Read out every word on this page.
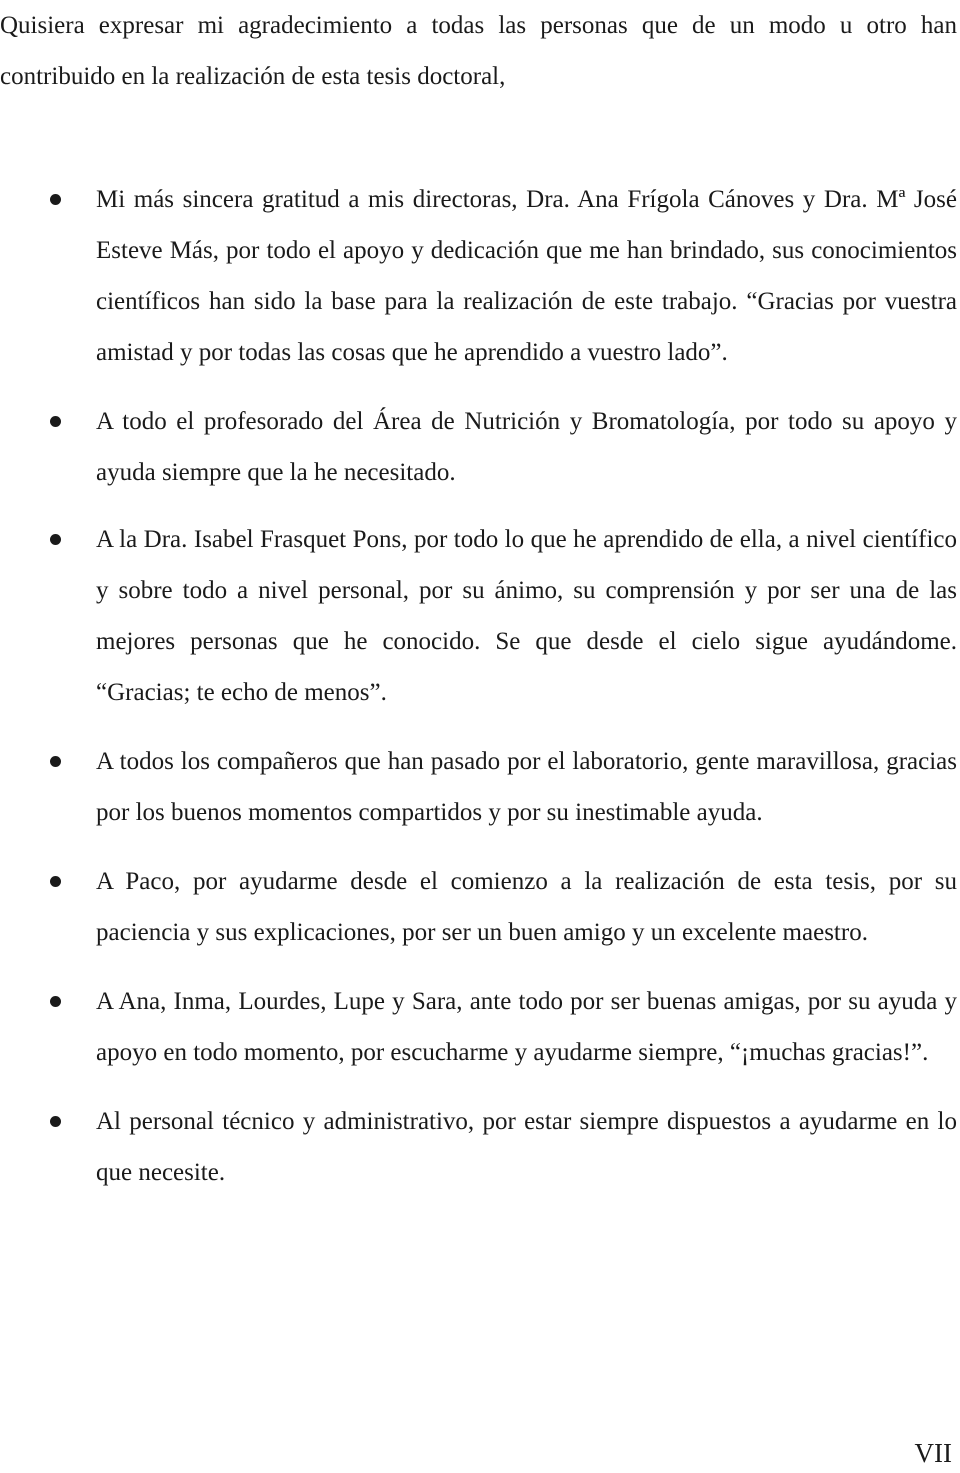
Quisiera expresar mi agradecimiento a todas las personas que de un modo u otro han contribuido en la realización de esta tesis doctoral,

Mi más sincera gratitud a mis directoras, Dra. Ana Frígola Cánoves y Dra. Mª José Esteve Más, por todo el apoyo y dedicación que me han brindado, sus conocimientos científicos han sido la base para la realización de este trabajo. “Gracias por vuestra amistad y por todas las cosas que he aprendido a vuestro lado”.
A todo el profesorado del Área de Nutrición y Bromatología, por todo su apoyo y ayuda siempre que la he necesitado.
A la Dra. Isabel Frasquet Pons, por todo lo que he aprendido de ella, a nivel científico y sobre todo a nivel personal, por su ánimo, su comprensión y por ser una de las mejores personas que he conocido. Se que desde el cielo sigue ayudándome. “Gracias; te echo de menos”.
A todos los compañeros que han pasado por el laboratorio, gente maravillosa, gracias por los buenos momentos compartidos y por su inestimable ayuda.
A Paco, por ayudarme desde el comienzo a la realización de esta tesis, por su paciencia y sus explicaciones, por ser un buen amigo y un excelente maestro.
A Ana, Inma, Lourdes, Lupe y Sara, ante todo por ser buenas amigas, por su ayuda y apoyo en todo momento, por escucharme y ayudarme siempre, “¡muchas gracias!”.
Al personal técnico y administrativo, por estar siempre dispuestos a ayudarme en lo que necesite.
VII
